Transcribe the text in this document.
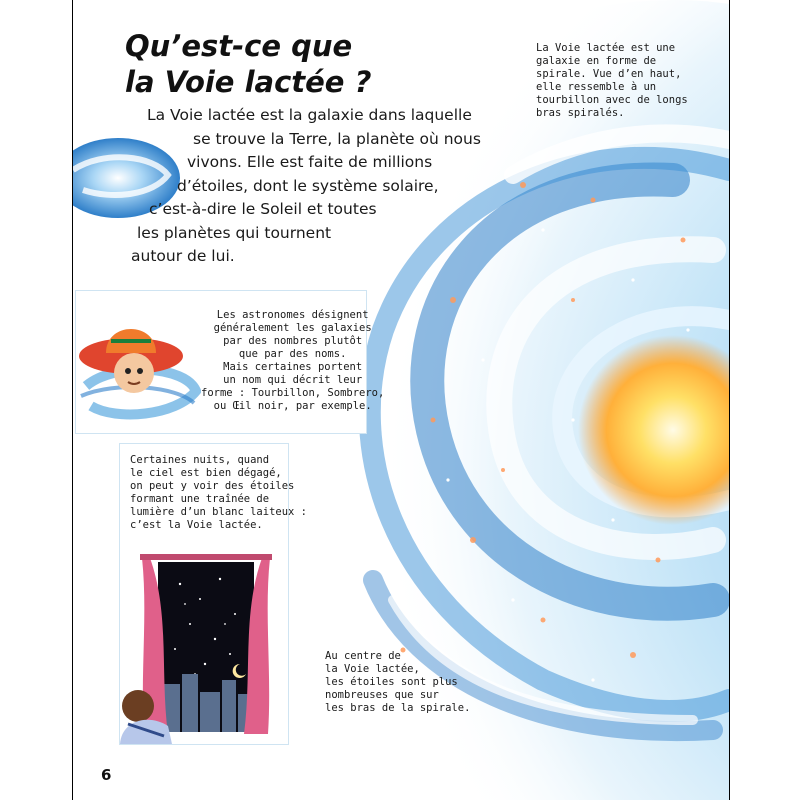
Qu’est-ce que
la Voie lactée ?
La Voie lactée est la galaxie dans laquelle
se trouve la Terre, la planète où nous
vivons. Elle est faite de millions
d’étoiles, dont le système solaire,
c’est-à-dire le Soleil et toutes
les planètes qui tournent
autour de lui.
La Voie lactée est une
galaxie en forme de
spirale. Vue d’en haut,
elle ressemble à un
tourbillon avec de longs
bras spiralés.
Les astronomes désignent
généralement les galaxies
par des nombres plutôt
que par des noms.
Mais certaines portent
un nom qui décrit leur
forme : Tourbillon, Sombrero,
ou Œil noir, par exemple.
Certaines nuits, quand
le ciel est bien dégagé,
on peut y voir des étoiles
formant une traînée de
lumière d’un blanc laiteux :
c’est la Voie lactée.
Au centre de
la Voie lactée,
les étoiles sont plus
nombreuses que sur
les bras de la spirale.
6
